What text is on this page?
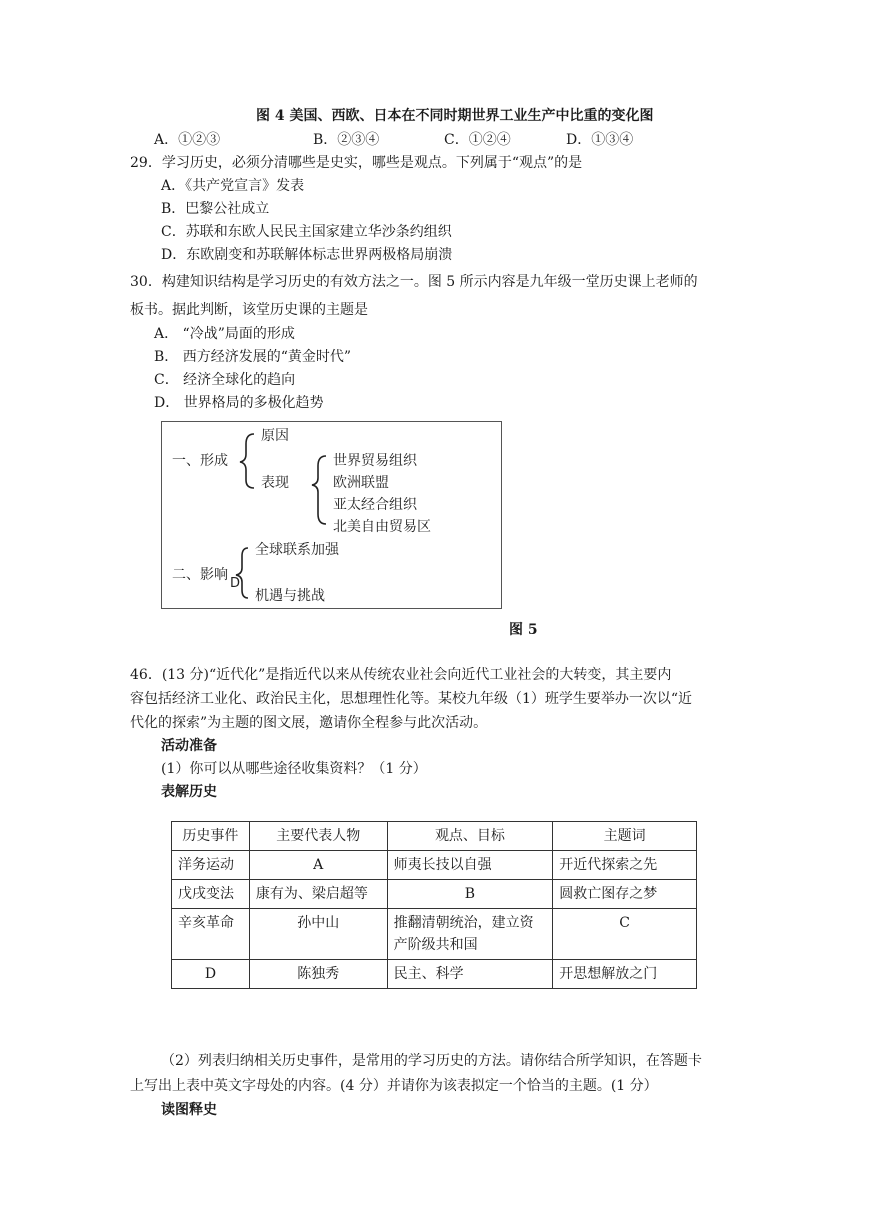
图 4 美国、西欧、日本在不同时期世界工业生产中比重的变化图
A．①②③	B．②③④	C．①②④	D．①③④
29．学习历史，必须分清哪些是史实，哪些是观点。下列属于“观点”的是
A．《共产党宣言》发表
B．巴黎公社成立
C．苏联和东欧人民民主国家建立华沙条约组织
D．东欧剧变和苏联解体标志世界两极格局崩溃
30．构建知识结构是学习历史的有效方法之一。图 5 所示内容是九年级一堂历史课上老师的
板书。据此判断，该堂历史课的主题是
A． “冷战”局面的形成
B． 西方经济发展的“黄金时代”
C． 经济全球化的趋向
D． 世界格局的多极化趋势
一、形成
原因
表现
世界贸易组织
欧洲联盟
亚太经合组织
北美自由贸易区
二、影响
D
全球联系加强
机遇与挑战
图 5
46．(13 分)“近代化”是指近代以来从传统农业社会向近代工业社会的大转变，其主要内
容包括经济工业化、政治民主化，思想理性化等。某校九年级（1）班学生要举办一次以“近
代化的探索”为主题的图文展，邀请你全程参与此次活动。
活动准备
(1）你可以从哪些途径收集资料？（1 分）
表解历史
历史事件	主要代表人物	观点、目标	主题词
洋务运动	A	师夷长技以自强	开近代探索之先
戊戌变法	康有为、梁启超等	B	圆救亡图存之梦
辛亥革命	孙中山	推翻清朝统治，建立资产阶级共和国	C
D	陈独秀	民主、科学	开思想解放之门
（2）列表归纳相关历史事件，是常用的学习历史的方法。请你结合所学知识，在答题卡
上写出上表中英文字母处的内容。(4 分）并请你为该表拟定一个恰当的主题。(1 分）
读图释史
